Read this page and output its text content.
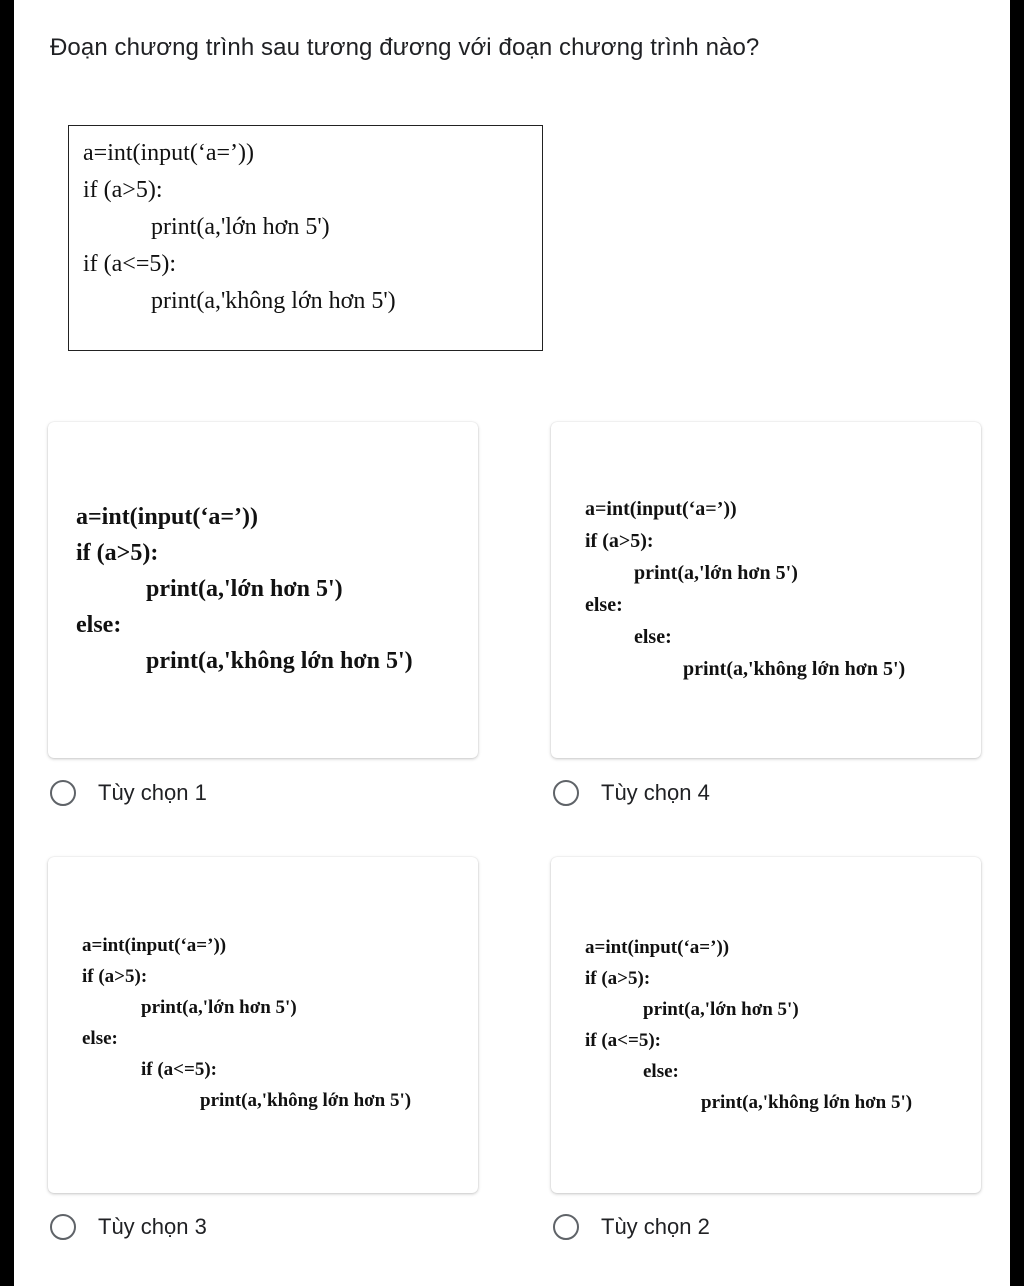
Đoạn chương trình sau tương đương với đoạn chương trình nào?
a=int(input(‘a=’))
if (a>5):
print(a,'lớn hơn 5')
if (a<=5):
print(a,'không lớn hơn 5')
a=int(input(‘a=’))
if (a>5):
print(a,'lớn hơn 5')
else:
print(a,'không lớn hơn 5')
a=int(input(‘a=’))
if (a>5):
print(a,'lớn hơn 5')
else:
else:
print(a,'không lớn hơn 5')
Tùy chọn 1	Tùy chọn 4
a=int(input(‘a=’))
if (a>5):
print(a,'lớn hơn 5')
else:
if (a<=5):
print(a,'không lớn hơn 5')
a=int(input(‘a=’))
if (a>5):
print(a,'lớn hơn 5')
if (a<=5):
else:
print(a,'không lớn hơn 5')
Tùy chọn 3	Tùy chọn 2
